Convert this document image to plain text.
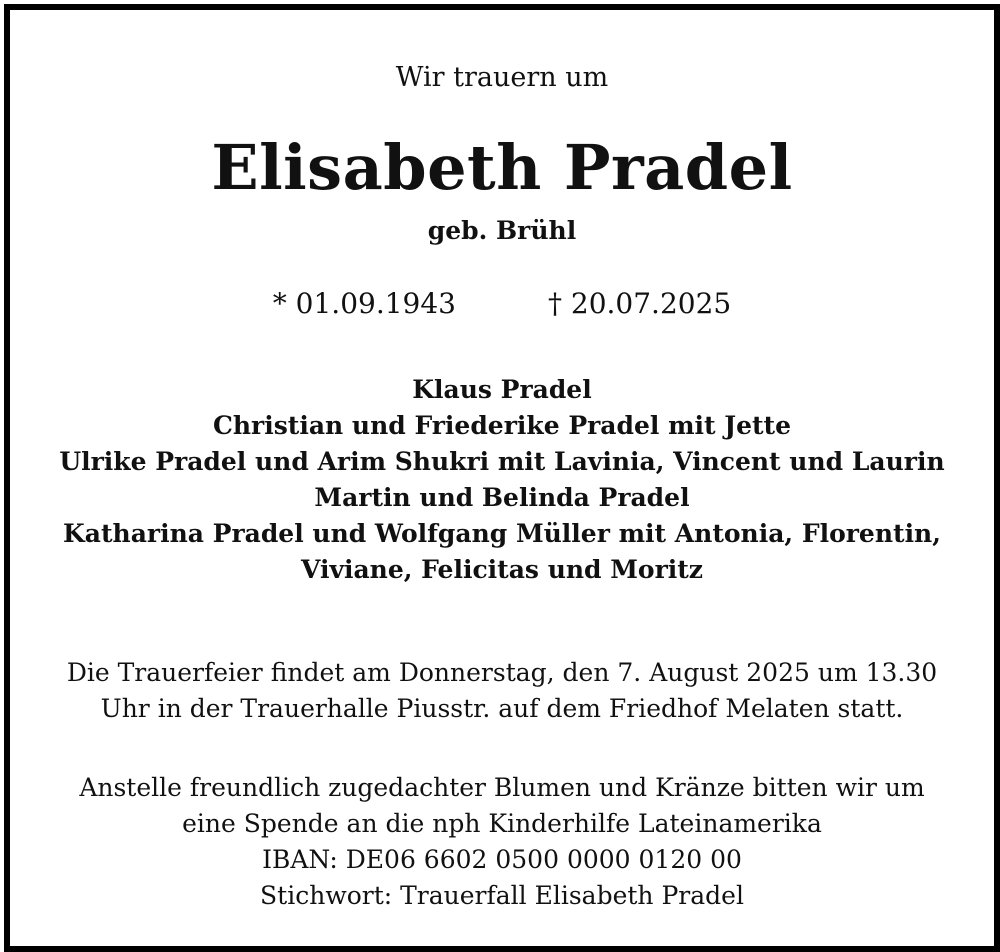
Wir trauern um
Elisabeth Pradel
geb. Brühl
* 01.09.1943	† 20.07.2025
Klaus Pradel
Christian und Friederike Pradel mit Jette
Ulrike Pradel und Arim Shukri mit Lavinia, Vincent und Laurin
Martin und Belinda Pradel
Katharina Pradel und Wolfgang Müller mit Antonia, Florentin,
Viviane, Felicitas und Moritz
Die Trauerfeier findet am Donnerstag, den 7. August 2025 um 13.30
Uhr in der Trauerhalle Piusstr. auf dem Friedhof Melaten statt.
Anstelle freundlich zugedachter Blumen und Kränze bitten wir um
eine Spende an die nph Kinderhilfe Lateinamerika
IBAN: DE06 6602 0500 0000 0120 00
Stichwort: Trauerfall Elisabeth Pradel
